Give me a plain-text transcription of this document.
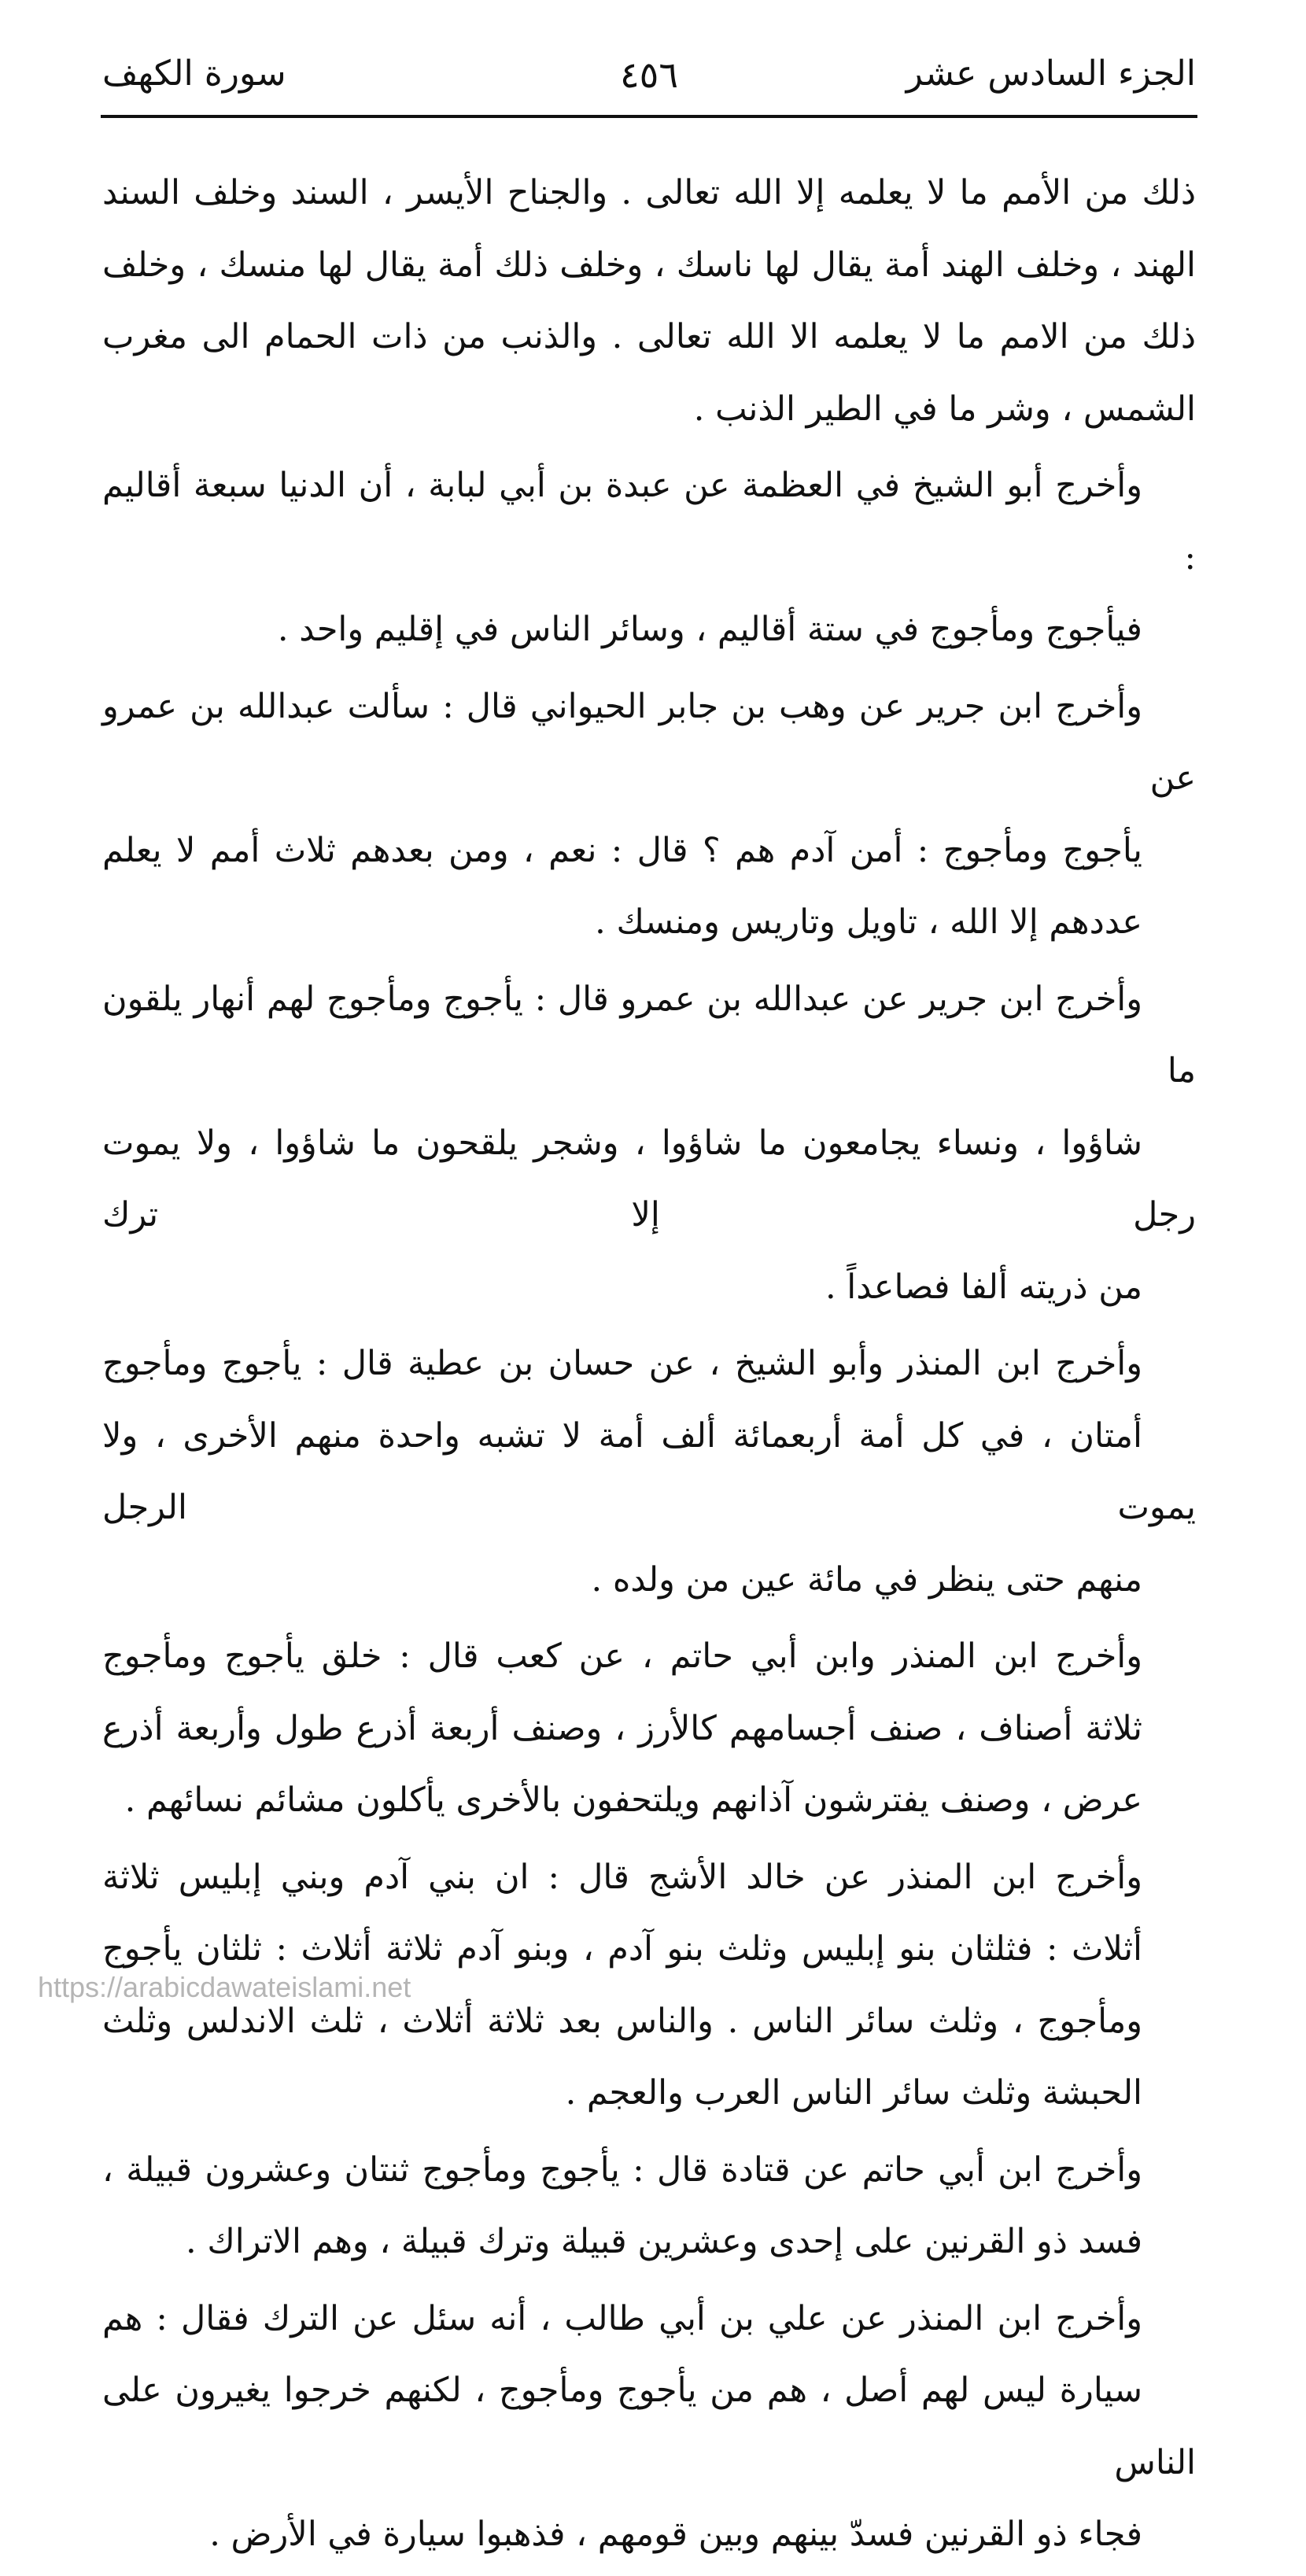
الجزء السادس عشر
٤٥٦
سورة الكهف
ذلك من الأمم ما لا يعلمه إلا الله تعالى . والجناح الأيسر ، السند وخلف السند
الهند ، وخلف الهند أمة يقال لها ناسك ، وخلف ذلك أمة يقال لها منسك ، وخلف
ذلك من الامم ما لا يعلمه الا الله تعالى . والذنب من ذات الحمام الى مغرب
الشمس ، وشر ما في الطير الذنب .
وأخرج أبو الشيخ في العظمة عن عبدة بن أبي لبابة ، أن الدنيا سبعة أقاليم :
فيأجوج ومأجوج في ستة أقاليم ، وسائر الناس في إقليم واحد .
وأخرج ابن جرير عن وهب بن جابر الحيواني قال : سألت عبدالله بن عمرو عن
يأجوج ومأجوج : أمن آدم هم ؟ قال : نعم ، ومن بعدهم ثلاث أمم لا يعلم
عددهم إلا الله ، تاويل وتاريس ومنسك .
وأخرج ابن جرير عن عبدالله بن عمرو قال : يأجوج ومأجوج لهم أنهار يلقون ما
شاؤوا ، ونساء يجامعون ما شاؤوا ، وشجر يلقحون ما شاؤوا ، ولا يموت رجل إلا ترك
من ذريته ألفا فصاعداً .
وأخرج ابن المنذر وأبو الشيخ ، عن حسان بن عطية قال : يأجوج ومأجوج
أمتان ، في كل أمة أربعمائة ألف أمة لا تشبه واحدة منهم الأخرى ، ولا يموت الرجل
منهم حتى ينظر في مائة عين من ولده .
وأخرج ابن المنذر وابن أبي حاتم ، عن كعب قال : خلق يأجوج ومأجوج
ثلاثة أصناف ، صنف أجسامهم كالأرز ، وصنف أربعة أذرع طول وأربعة أذرع
عرض ، وصنف يفترشون آذانهم ويلتحفون بالأخرى يأكلون مشائم نسائهم .
وأخرج ابن المنذر عن خالد الأشج قال : ان بني آدم وبني إبليس ثلاثة
أثلاث : فثلثان بنو إبليس وثلث بنو آدم ، وبنو آدم ثلاثة أثلاث : ثلثان يأجوج
ومأجوج ، وثلث سائر الناس . والناس بعد ثلاثة أثلاث ، ثلث الاندلس وثلث
الحبشة وثلث سائر الناس العرب والعجم .
وأخرج ابن أبي حاتم عن قتادة قال : يأجوج ومأجوج ثنتان وعشرون قبيلة ،
فسد ذو القرنين على إحدى وعشرين قبيلة وترك قبيلة ، وهم الاتراك .
وأخرج ابن المنذر عن علي بن أبي طالب ، أنه سئل عن الترك فقال : هم
سيارة ليس لهم أصل ، هم من يأجوج ومأجوج ، لكنهم خرجوا يغيرون على الناس
فجاء ذو القرنين فسدّ بينهم وبين قومهم ، فذهبوا سيارة في الأرض .
https://arabicdawateislami.net
